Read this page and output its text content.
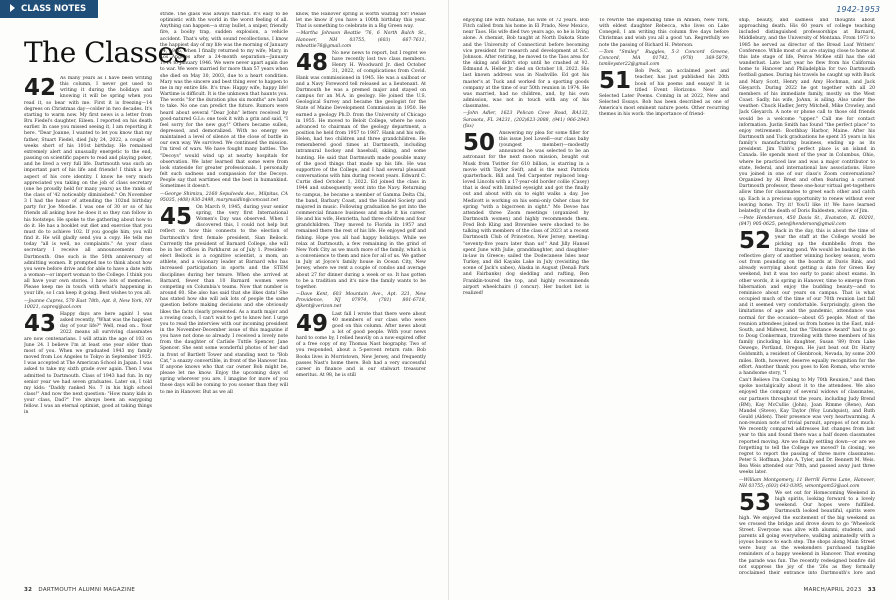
CLASS NOTES
The Classes

42 As many years as I have been writing this column, I never get used to writing it during the holidays and knowing it will be spring when you read it, so bear with me. First it is freezing—14 degrees on Christmas day—colder in two decades. It's starting to warm now. My first news is a letter from Bru Fiedel's daughter, Eileen. I reported on his death earlier. In case you missed seeing it, I am reporting it here. "Dear Joanne, I wanted to let you know that my father, Stuart Fiedel, died July 24, 2022, a couple of weeks short of his 101st birthday. He remained extremely alert and unusually energetic to the end, passing on scientific papers to read and playing poker, and he lived a very full life. Dartmouth was such an important part of his life and friends! I think a key aspect of his core identity. I know he very much appreciated you taking on the job of class secretary (one he proudly held for many years) as the ranks of the class of '42 noticeably diminished." On November 3 I had the honor of attending the 102nd birthday party for Joe Moodie. I was one of 30 or so of his friends all asking how he does it so they can follow in his footsteps. He spoke to the gathering about how to do it. He has a booklet out diet and exercise that you must do to achieve 102. If you google him, you will find it. He will gladly send you a copy. He tells me today "all is well, no complaints." As your class secretary I receive all announcements from Dartmouth. One such is the 50th anniversary of admitting women. It prompted me to think about how you were before drive and for able to have a date with a woman—or import woman to the College. I think you all have your own stories. I have lots of memories. Please keep me in touch with what's happening in your life, so I can keep it going. Best wishes to you all.

—Joanne Capres, 570 East 78th, Apt. 8, New York, NY 10021, capresj@aol.com

43 Happy days are here again! I was asked recently, "What was the happiest day of your life?" Well, read on... Your 2022 means all surviving classmates are now centenarians. I will attain the age of 103 on June 24. I believe I'm at least one year older than most of you. When we graduated 1943 my family moved from Los Angeles to Tokyo in September 1925. I was accepted at The American School in Japan. I was asked to take my sixth grade over again. Then I was admitted to Dartmouth. Class of 1943 had fun. In my senior year we had seven graduates. Later on, I told my kids: "Daddy ranked No. 7 in his high school class!" And now the next question: "How many kids in your class, Dad?" I've always been an easygoing fellow. I was an eternal optimist, good at taking things in

stride. The glass was always half-full. It's easy to be optimistic with the world in the worst feeling of all. Anything can happen—a stray bullet, a sniper, friendly fire, a booby trap, sudden explosion, a vehicle accident. That's why, with sound recollections, I know the happiest day of my life was the morning of January 14, 1946, when I finally returned to my wife, Mary, in Los Angeles after a 24-month separation—January 1944 to January 1946. We were never apart again due to war. We were married for more than 57 years when she died on May 30, 2003, due to a heart condition. Mary was the sincere and best thing ever to happen to me in my entire life. It's true: Happy wife, happy life! Wartime is difficult. It is the unknown that haunts you. The words "for the duration plus six months" are hard to take. No one can predict the future. Rumors were heard about several "Dear John" letters received by good-natured G.I.s: one took it with a grin and said, "I feel sorry for the new guy!" Others became sullen, depressed, and demoralized. With no energy we maintained a level of silence at the close of battle in our own way. We survived. We continued the mission. I'm tired of wars. We have fought many battles. The "Decoys" would wind up at nearby hospitals for observation. We later learned that some were from look stateside for greater professionals. I personally felt such sadness and compassion for the Decoys. People say that wartimes end the best in humankind. Sometimes it doesn't.

—George Shimizu, 2160 Sepulveda Ave., Milpitas, CA 95035, (408) 930-2498, marymaidlin@comcast.net

45 On March 9, 1945, during your senior spring, the very first International Women's Day was observed. When I discovered this, I could not help but reflect on how this connects to the election of Dartmouth's first female president, Sian Beilock. Currently the president of Barnard College, she will be in her offices in Parkhurst as of July 1. President-elect Beilock is a cognitive scientist, a mom, an athlete, and a visionary leader at Barnard who has increased participation in sports and the STEM disciplines during her tenure. When she arrived at Barnard, fewer than 10 Barnard women were competing on Columbia's teams. Now that number is around 60. She also has said that she likes data! She has stated how she will ask lots of people the same question before making decisions and she obviously likes the facts clearly presented. As a math major and a rowing coach, I can't wait to get to know her. I urge you to read the interview with our incoming president in the November-December issue of this magazine if you have not done so already. I received a lovely note from the daughter of Carlisle Tuttle Spencer, Jane Spencer. She sent some wonderful photos of her dad in front of Bartlett Tower and standing next to "Bob Cat," a snazzy convertible, in front of the Hanover Inn. If anyone knows who that car owner Bob might be, please let me know. Enjoy the upcoming days of spring wherever you are. I imagine for more of you those days will be coming to you sooner than they will to me in Hanover. But as we all

know, the Hanover spring is worth waiting for! Please let me know if you have a 100th birthday this year. That is something to celebrate in a Big Green way.

—Martha Johnson Beattie '76, 6 North Balch St., Hanover, NH 03755, (603) 667-7611, mbeattie76@gmail.com

48 No new news to report, but I regret we have recently lost two class members. Henry H. Woodward Jr. died October 31, 2022, of complications from Covid. Hank was commissioned in 1945. He was a sailboat or and a Navy Foreword tell released as a lieutenant. At Dartmouth he was a premed major and stayed on campus for an M.A. in geology. He joined the U.S. Geological Survey and became the geologist for the State of Maine Development Commission in 1950. He earned a geology Ph.D. from the University of Chicago in 1955. He moved to Beloit College, where he soon advanced to chairman of the geology department, a position he held from 1957 to 1987. Hank and his wife, Helen, had two children and three grandchildren. He remembered good times at Dartmouth, including intramural hockey and baseball, skiing, and some hunting. He said that Dartmouth made possible many of the good things that made up his life. He was supportive of the College, and I had several pleasant conversations with him during recent years. Edward C. Curtis died October 1, 2022. Ed joined the class in 1944 and subsequently went into the Navy. Returning to campus, he became a member of Gamma Delta Chi, the band, Barbary Coast, and the Handel Society and majored in music. Following graduation he got into the commercial finance business and made it his career. He and his wife, Henrietta, had three children and four grandchildren. They moved to Florida in 1957 and remained there the rest of his life. He enjoyed golf and fishing. Hope you all had happy holidays. While we relax at Dartmouth, a few remaining in the grind of New York City as we much more of the family, which is a convenience to them and nice for all of us. We gather in July at Joyce's family house in Ocean City, New Jersey, where we rent a couple of condos and average about 27 for dinner during a week or so. It has gotten to be a tradition and it's nice the family wants to be together.

—Dave Kent, 603 Mountain Ave., Apt. 321, New Providence, NJ 07974, (781) 801-6718, djkent@verizon.net

49 Last fall I wrote that there were about 40 members of our class who were good on this column. After news about a lot of good people. With your news hard to come by, I relied heavily on a now-expired offer of a free copy of my Thomas Nast biography. Two of you responded, about a 5-percent return rate. Bob Books lives in Morristown, New Jersey, and frequently passes Nast's home there. Bob had a very successful career in finance and is our stalwart treasurer emeritus. At 98, he is still

32 DARTMOUTH ALUMNI MAGAZINE
1942-1953

enjoying life with Natalie, his wife of 72 years. Bob Fitch called from his home in El Prado, New Mexico, near Taos. His wife died two years ago, so he is living alone. A chemist, Bob taught at North Dakota State and the University of Connecticut before becoming vice president for research and development at S.C. Johnson. After retiring, he moved to the Taos area for the skiing and didn't stop until he crashed at 92. Edmund A. Heller Jr. died on October 18, 2022. His last known address was in Nashville. Ed got his master's at Tuck and worked for a sporting goods company at the time of our 50th reunion in 1974. He was married, had no children, and, by his own admission, was not in touch with any of his classmates.

—John Adler, 1623 Pelican Cove Road, BA132, Sarasota, FL 34231, (202)623-3088, (941) 966-2943 (fax)

50 Answering my plea for some filler for this issue Joel Lowell—our class baby (youngest member)—modestly announced he was selected to be an astronaut for the next moon mission, bought out Musk from Twitter for 610 billion, is starring in a movie with Taylor Swift, and is the next Patriots quarterback. Bill and Ted Carpenter replaced long-loved Lincoln with a 17-year-old border collie (Casey) that is deaf with limited eyesight and got the finally out and about with six to eight walks a day. Joe Medicott is working on his semi-only Osher class for spring "with a bigscreen in sight." Mo Devoe has attended three Zoom meetings (organized by Dartmouth women) and highly recommends them. Fred Bob Kling and Brownlee were shocked to be talking with members of the class of 2023 at a recent Dartmouth Club of Princeton, New Jersey, meeting: "seventy-five years later than us!" And Jilly Hansel spent June with Julie, granddaughter, and daughter-in-law in Greece; sailed the Dodecanese Isles near Turkey, and did Kayaks Lake in July (revisiting the scene of Jack's sabes), Alaska in August (Denali Park and Fairbanks) dog sledding and rafting, Ben Franklin-toured the top, and highly recommends airport wheelchairs (I concur). Her bucket list is realized!

To rewrite the impending time in Amnen, New York, with eldest daughter Rebecca, who lives on Lake Conegeil, I am writing this column five days before Christmas and wish you all a good 'un. Regretfully we note the passing of Richard H. Peterson.

—Tom "Smiley" Ruggles, 5-3 Concord Greene, Concord, MA 01742, (978) 369-5879, tsmileyster22@gmail.com

51 Bob Peck, an acclaimed poet and teacher, has just published his 20th book of his poems and essays! It is titled Event Horizons: New and Selected Later Poems. Coming in at 2022, New and Selected Essays. Bob has been described as one of America's most eminent nature poets. Other recurring themes in his work: the importance of friend-

ship, beauty, and sadness and thoughts about approaching death. His 60 years of college teaching included distinguished professorships at Barnard, Middlebury, and the University of Montana. From 1973 to 1985 he served as director of the Bread Loaf Writers' Conference. While most of us are staying close to home at this late stage of life, Peirce McKee still has the old wanderlust. Late last year he flew from his California home to Hanover and Philadelphia for two Dartmouth football games. During his travels he caught up with Buck and Mary Scott, Henry and Amy Hochman, and Jack Gleyarch. During 2022 he got together with all 20 members of his immediate family, mostly on the West Coast. Sadly, his wife, JoAnn, is ailing. Also under the weather: Chuck Hadler, Jerry Mitchell, Mike Crowley, and Jack Gleyarch. A note or phone call to those old friends would be a welcome "upper." Call me for contact information. Justin Smith has found "the perfect place" to enjoy retirement: Boothbay Harbor, Maine. After his Dartmouth and Tuck graduations he spent 35 years in his family's manufacturing business, ending up as its president. Jim Tubb's perfect place is an island in Canada. He spends most of the year in Columbus, Ohio, where he practiced law and was a major contributor to state, federal, and international law associations. Have you joined in one of our class's Zoom conversations? Organized by Al Brest and often featuring a current Dartmouth professor, these one-hour virtual get-togethers allow time for classmates to greet each other and catch up. Each is a precious opportunity to renew without ever leaving home. Try it! You'll like it! We have learned belatedly of the death of Doris Baldesten, widow of Jim.

—Pete Henderson, 450 Davis St., Evanston, IL 60201, (847) 905-0625, pete@henderson@gmail.com

52 Back in the day, this is about the time of year the staff at the College would be picking up the dumbbells from the thawing pond. We would be basking in the reflective glory of another winning hockey season, worn out from pounding on the boards at Davis Rink, and already worrying about getting a date for Green Key weekend, but it was too early to panic about exams. In other words, it is spring in Hanover, time to emerge from hibernation and enjoy the budding beauty—and to reminisce about our years on campus. That is what occupied much of the time of our 70th reunion last fall and it seemed very comfortable. Surprisingly, given the limitations of age and the pandemic, attendance was normal for the occasion—about 65 people. Most of the reunion attendees joined us from homes in the East, mid-South, and Midwest, but the "Distance Award" had to go to Doug Conkerman, traveling with three members of his family (including his daughter, Susan '89) from Lake Oswego, Portland, Oregon. He just beat out Dr. Harry Goldsmith, a resident of Glenbrook, Nevada, by some 200 miles. Both, however, deserve equally recognition for the effort. Another thank you goes to Ken Roman, who wrote a handsome story, "I

Can't Believe I'm Coming to My 70th Reunion," and then spoke nostalgically about it to the attendees. We also enjoyed the company of several widows of classmates, our partners throughout the years, including Judy Brend (BM), Kay McCullie (John), Joan Rimme (Rene), Ann Mandel (Steve), Kay Taylor (Woy Lundquist), and Ruth Gould (Alden). Their presence was very heartwarming. A non-reunion note of trivial pursuit, apropos of not much: We recently compared addresses list changes from last year to this and found there was a half dozen classmates reported moving. Are we finally settling down—or are we forgetting to tell the College we moved? In closing, we regret to report the passing of three more classmates: Peter S. Hoffman, John A. Tyler, and Dr. Bennett M. Weis. Bea Weis attended our 70th, and passed away just three weeks later.

—William Montgomery, 11 Berrill Farms Lane, Hanover, NH 03755; (603) 643-0395; wmontgom53@aol.com

53 We set out for Homecoming Weekend in high spirits, looking forward to a lovely weekend. Our hopes were fulfilled. Dartmouth looked beautiful, spirits were high. We enjoyed the excitement of the big weekend as we crossed the bridge and drove down to go 'Wheelock Street. Everyone was alive with alumni, students, and parents all going everywhere, walking animatedly with a joyous bounce to each step. The shops along Main Street were busy as the weekenders purchased tangible reminders of a happy weekend in Hanover. That evening the parade was fun. The recently redesigned bonfire did not suppress the joy of the '26s as they formally proclaimed their entrance into Dartmouth's lore and

MARCH/APRIL 2023 33
